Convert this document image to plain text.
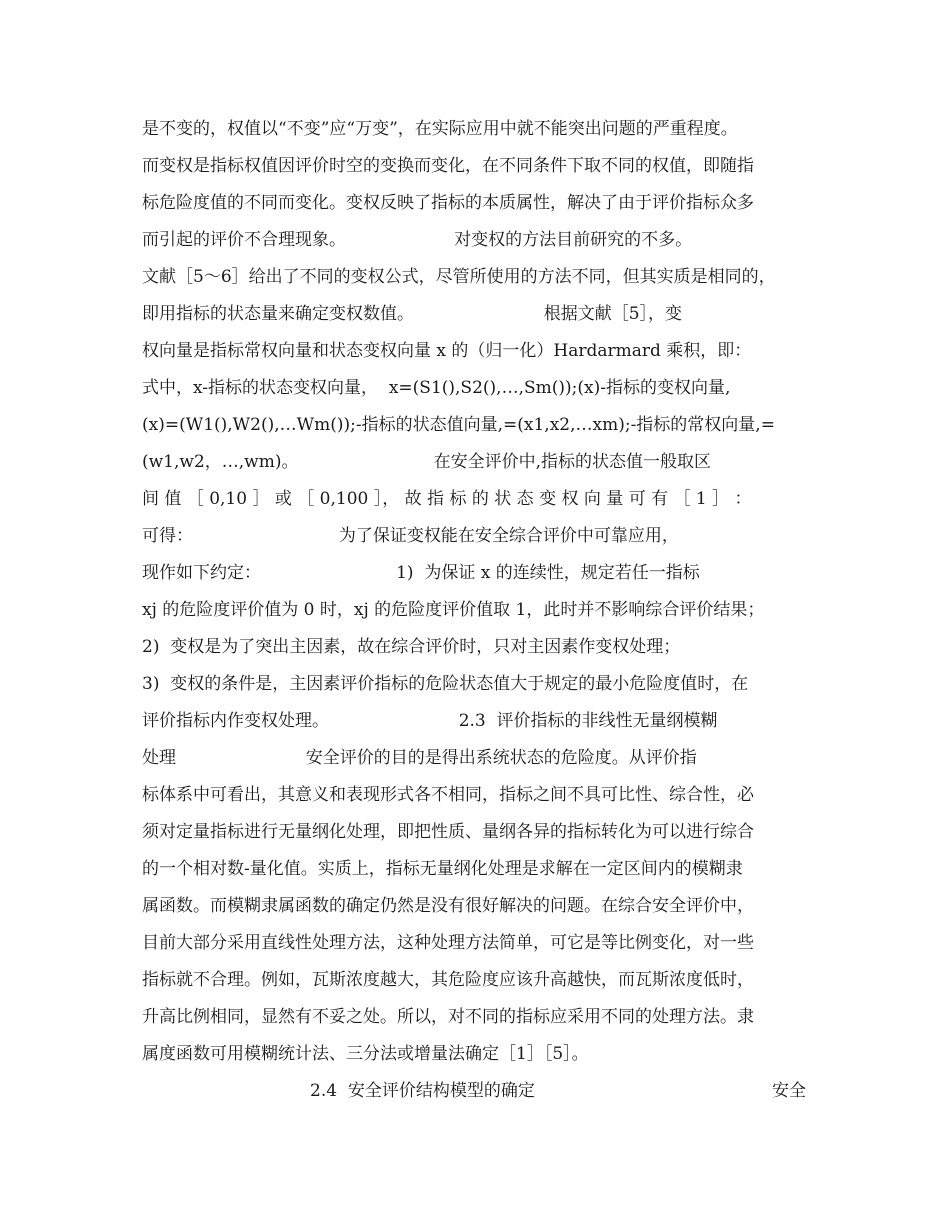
是不变的，权值以“不变”应“万变”，在实际应用中就不能突出问题的严重程度。
而变权是指标权值因评价时空的变换而变化，在不同条件下取不同的权值，即随指
标危险度值的不同而变化。变权反映了指标的本质属性，解决了由于评价指标众多
而引起的评价不合理现象。                    对变权的方法目前研究的不多。
文献［5～6］给出了不同的变权公式，尽管所使用的方法不同，但其实质是相同的，
即用指标的状态量来确定变权数值。                        根据文献［5］，变
权向量是指标常权向量和状态变权向量 x 的（归一化）Hardarmard 乘积，即：
式中，x-指标的状态变权向量，  x=(S1(),S2(),…,Sm());(x)-指标的变权向量,
(x)=(W1(),W2(),…Wm());-指标的状态值向量,=(x1,x2,…xm);-指标的常权向量,=
(w1,w2，…,wm)。                         在安全评价中,指标的状态值一般取区
间 值 ［ 0,10 ］ 或 ［ 0,100 ］， 故 指 标 的 状 态 变 权 向 量 可 有 ［ 1 ］ ：
可得：                           为了保证变权能在安全综合评价中可靠应用，
现作如下约定：                         1)  为保证 x 的连续性，规定若任一指标
xj 的危险度评价值为 0 时，xj 的危险度评价值取 1，此时并不影响综合评价结果；
2)  变权是为了突出主因素，故在综合评价时，只对主因素作变权处理；
3)  变权的条件是，主因素评价指标的危险状态值大于规定的最小危险度值时，在
评价指标内作变权处理。                        2.3  评价指标的非线性无量纲模糊
处理                        安全评价的目的是得出系统状态的危险度。从评价指
标体系中可看出，其意义和表现形式各不相同，指标之间不具可比性、综合性，必
须对定量指标进行无量纲化处理，即把性质、量纲各异的指标转化为可以进行综合
的一个相对数-量化值。实质上，指标无量纲化处理是求解在一定区间内的模糊隶
属函数。而模糊隶属函数的确定仍然是没有很好解决的问题。在综合安全评价中，
目前大部分采用直线性处理方法，这种处理方法简单，可它是等比例变化，对一些
指标就不合理。例如，瓦斯浓度越大，其危险度应该升高越快，而瓦斯浓度低时，
升高比例相同，显然有不妥之处。所以，对不同的指标应采用不同的处理方法。隶
属度函数可用模糊统计法、三分法或增量法确定［1］［5］。
2.4  安全评价结构模型的确定	安全
